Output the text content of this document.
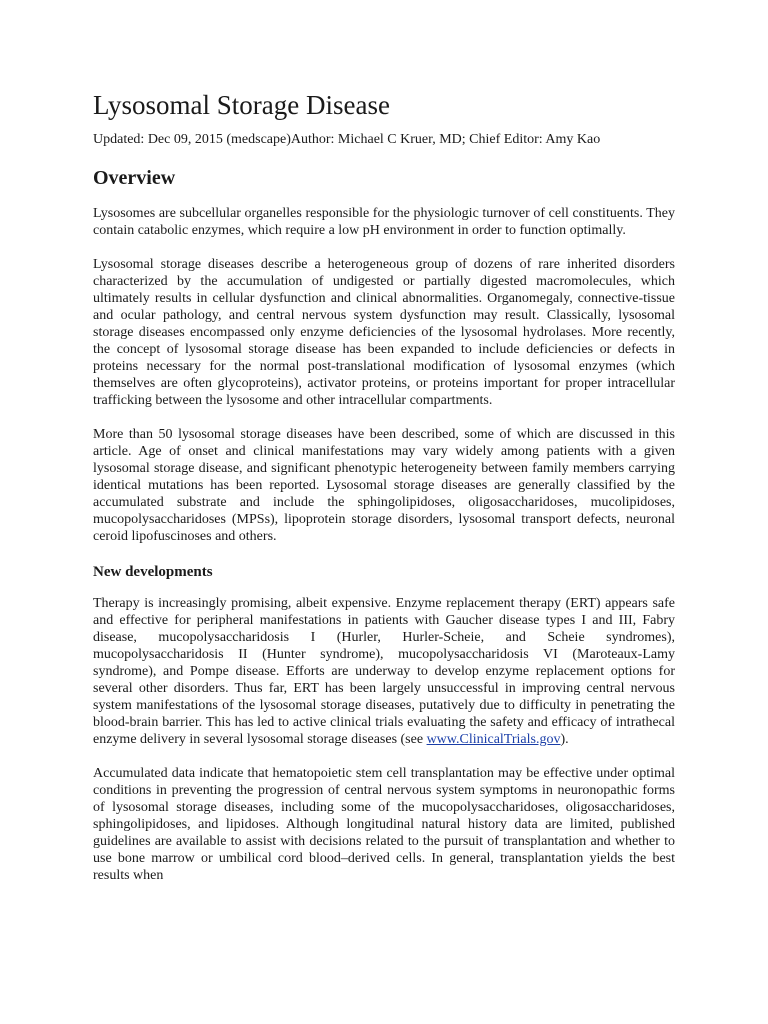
Lysosomal Storage Disease

Updated: Dec 09, 2015 (medscape)Author: Michael C Kruer, MD; Chief Editor: Amy Kao

Overview

Lysosomes are subcellular organelles responsible for the physiologic turnover of cell constituents. They contain catabolic enzymes, which require a low pH environment in order to function optimally.

Lysosomal storage diseases describe a heterogeneous group of dozens of rare inherited disorders characterized by the accumulation of undigested or partially digested macromolecules, which ultimately results in cellular dysfunction and clinical abnormalities. Organomegaly, connective-tissue and ocular pathology, and central nervous system dysfunction may result. Classically, lysosomal storage diseases encompassed only enzyme deficiencies of the lysosomal hydrolases. More recently, the concept of lysosomal storage disease has been expanded to include deficiencies or defects in proteins necessary for the normal post-translational modification of lysosomal enzymes (which themselves are often glycoproteins), activator proteins, or proteins important for proper intracellular trafficking between the lysosome and other intracellular compartments.

More than 50 lysosomal storage diseases have been described, some of which are discussed in this article. Age of onset and clinical manifestations may vary widely among patients with a given lysosomal storage disease, and significant phenotypic heterogeneity between family members carrying identical mutations has been reported. Lysosomal storage diseases are generally classified by the accumulated substrate and include the sphingolipidoses, oligosaccharidoses, mucolipidoses, mucopolysaccharidoses (MPSs), lipoprotein storage disorders, lysosomal transport defects, neuronal ceroid lipofuscinoses and others.

New developments

Therapy is increasingly promising, albeit expensive. Enzyme replacement therapy (ERT) appears safe and effective for peripheral manifestations in patients with Gaucher disease types I and III, Fabry disease, mucopolysaccharidosis I (Hurler, Hurler-Scheie, and Scheie syndromes), mucopolysaccharidosis II (Hunter syndrome), mucopolysaccharidosis VI (Maroteaux-Lamy syndrome), and Pompe disease. Efforts are underway to develop enzyme replacement options for several other disorders. Thus far, ERT has been largely unsuccessful in improving central nervous system manifestations of the lysosomal storage diseases, putatively due to difficulty in penetrating the blood-brain barrier. This has led to active clinical trials evaluating the safety and efficacy of intrathecal enzyme delivery in several lysosomal storage diseases (see www.ClinicalTrials.gov).

Accumulated data indicate that hematopoietic stem cell transplantation may be effective under optimal conditions in preventing the progression of central nervous system symptoms in neuronopathic forms of lysosomal storage diseases, including some of the mucopolysaccharidoses, oligosaccharidoses, sphingolipidoses, and lipidoses. Although longitudinal natural history data are limited, published guidelines are available to assist with decisions related to the pursuit of transplantation and whether to use bone marrow or umbilical cord blood–derived cells. In general, transplantation yields the best results when
